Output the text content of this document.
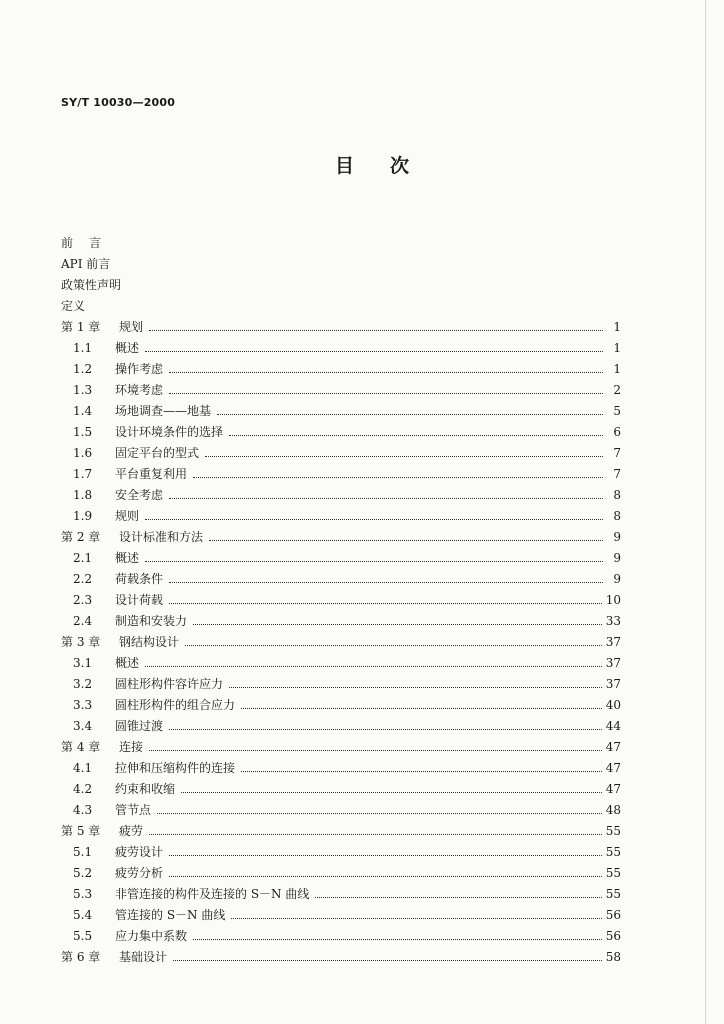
SY/T 10030—2000
目 次
前言
API 前言
政策性声明
定义
第 1 章	规划	1
1.1	概述	1
1.2	操作考虑	1
1.3	环境考虑	2
1.4	场地调查——地基	5
1.5	设计环境条件的选择	6
1.6	固定平台的型式	7
1.7	平台重复利用	7
1.8	安全考虑	8
1.9	规则	8
第 2 章	设计标准和方法	9
2.1	概述	9
2.2	荷载条件	9
2.3	设计荷载	10
2.4	制造和安装力	33
第 3 章	钢结构设计	37
3.1	概述	37
3.2	圆柱形构件容许应力	37
3.3	圆柱形构件的组合应力	40
3.4	圆锥过渡	44
第 4 章	连接	47
4.1	拉伸和压缩构件的连接	47
4.2	约束和收缩	47
4.3	管节点	48
第 5 章	疲劳	55
5.1	疲劳设计	55
5.2	疲劳分析	55
5.3	非管连接的构件及连接的 S－N 曲线	55
5.4	管连接的 S－N 曲线	56
5.5	应力集中系数	56
第 6 章	基础设计	58
